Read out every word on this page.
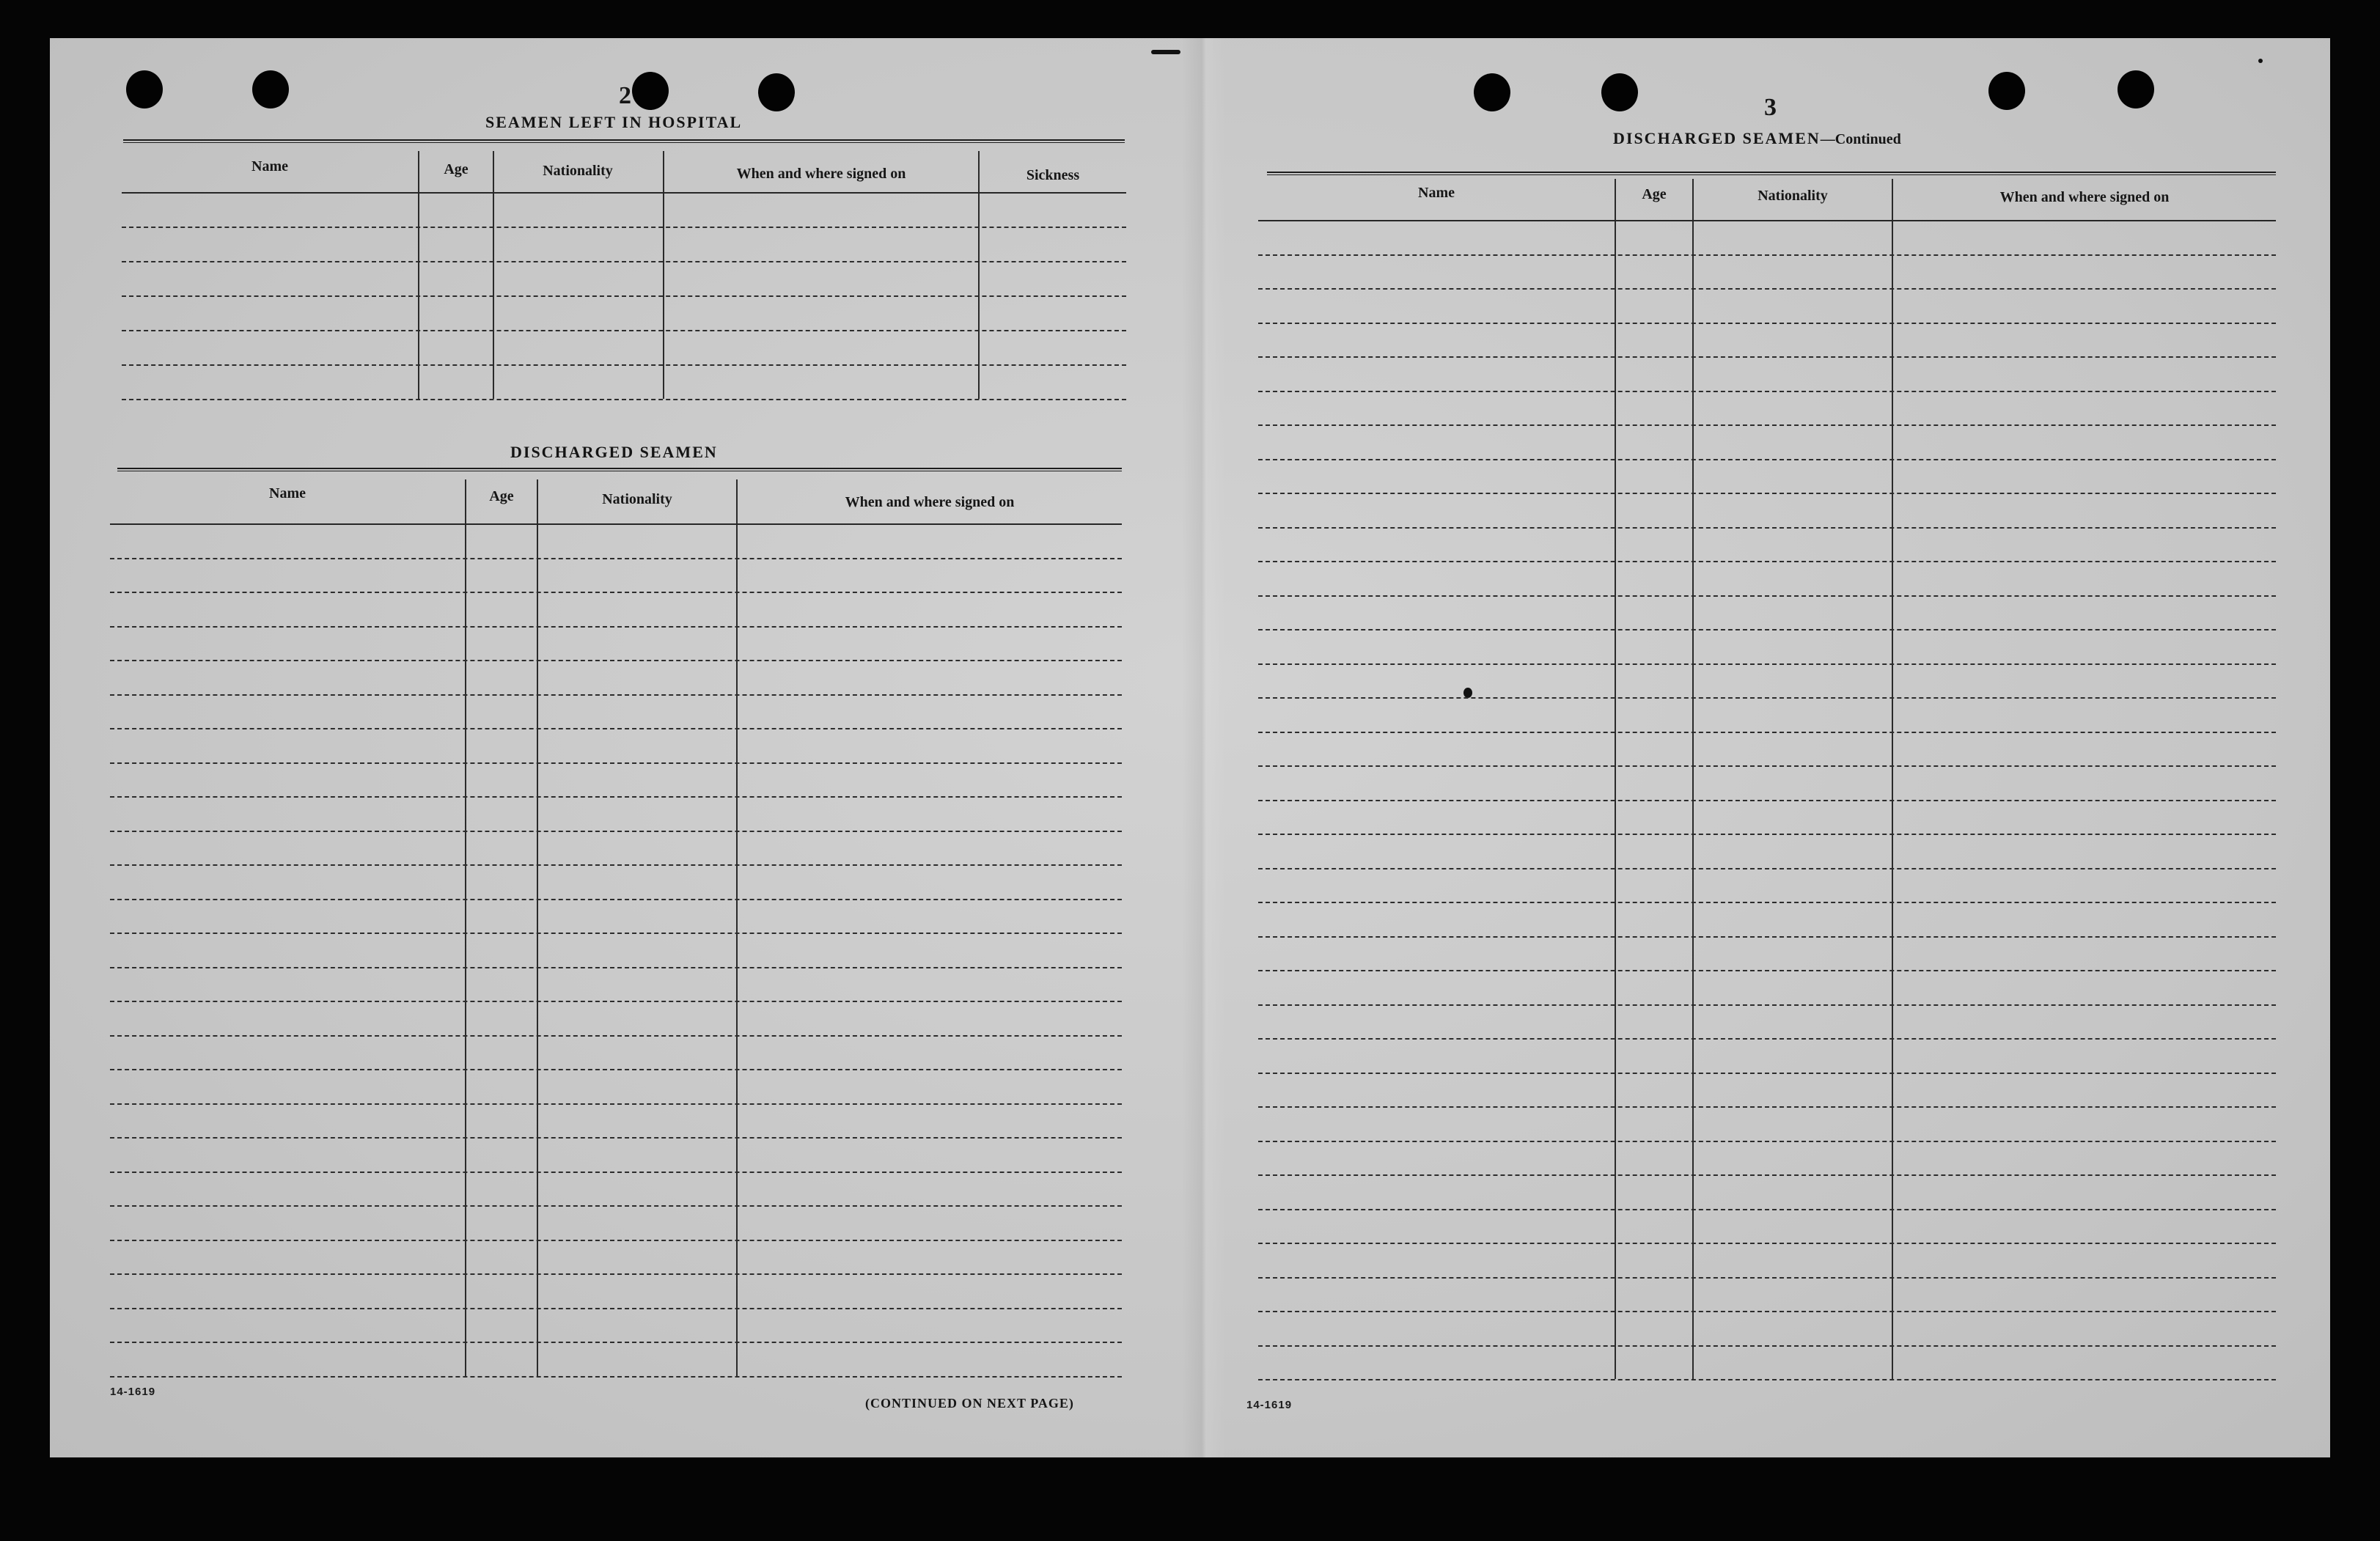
2
SEAMEN LEFT IN HOSPITAL
Name	Age	Nationality	When and where signed on	Sickness
DISCHARGED SEAMEN
Name	Age	Nationality	When and where signed on
14-1619
(CONTINUED ON NEXT PAGE)
3
DISCHARGED SEAMEN—Continued
Name	Age	Nationality	When and where signed on
14-1619
